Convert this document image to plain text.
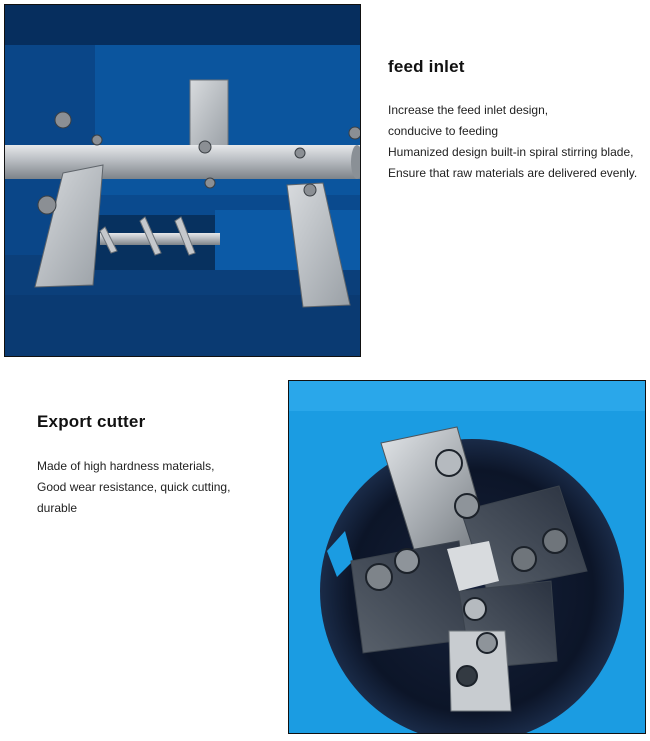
feed inlet
Increase the feed inlet design,
conducive to feeding
Humanized design built-in spiral stirring blade,
Ensure that raw materials are delivered evenly.
Export cutter
Made of high hardness materials,
Good wear resistance, quick cutting,
durable
